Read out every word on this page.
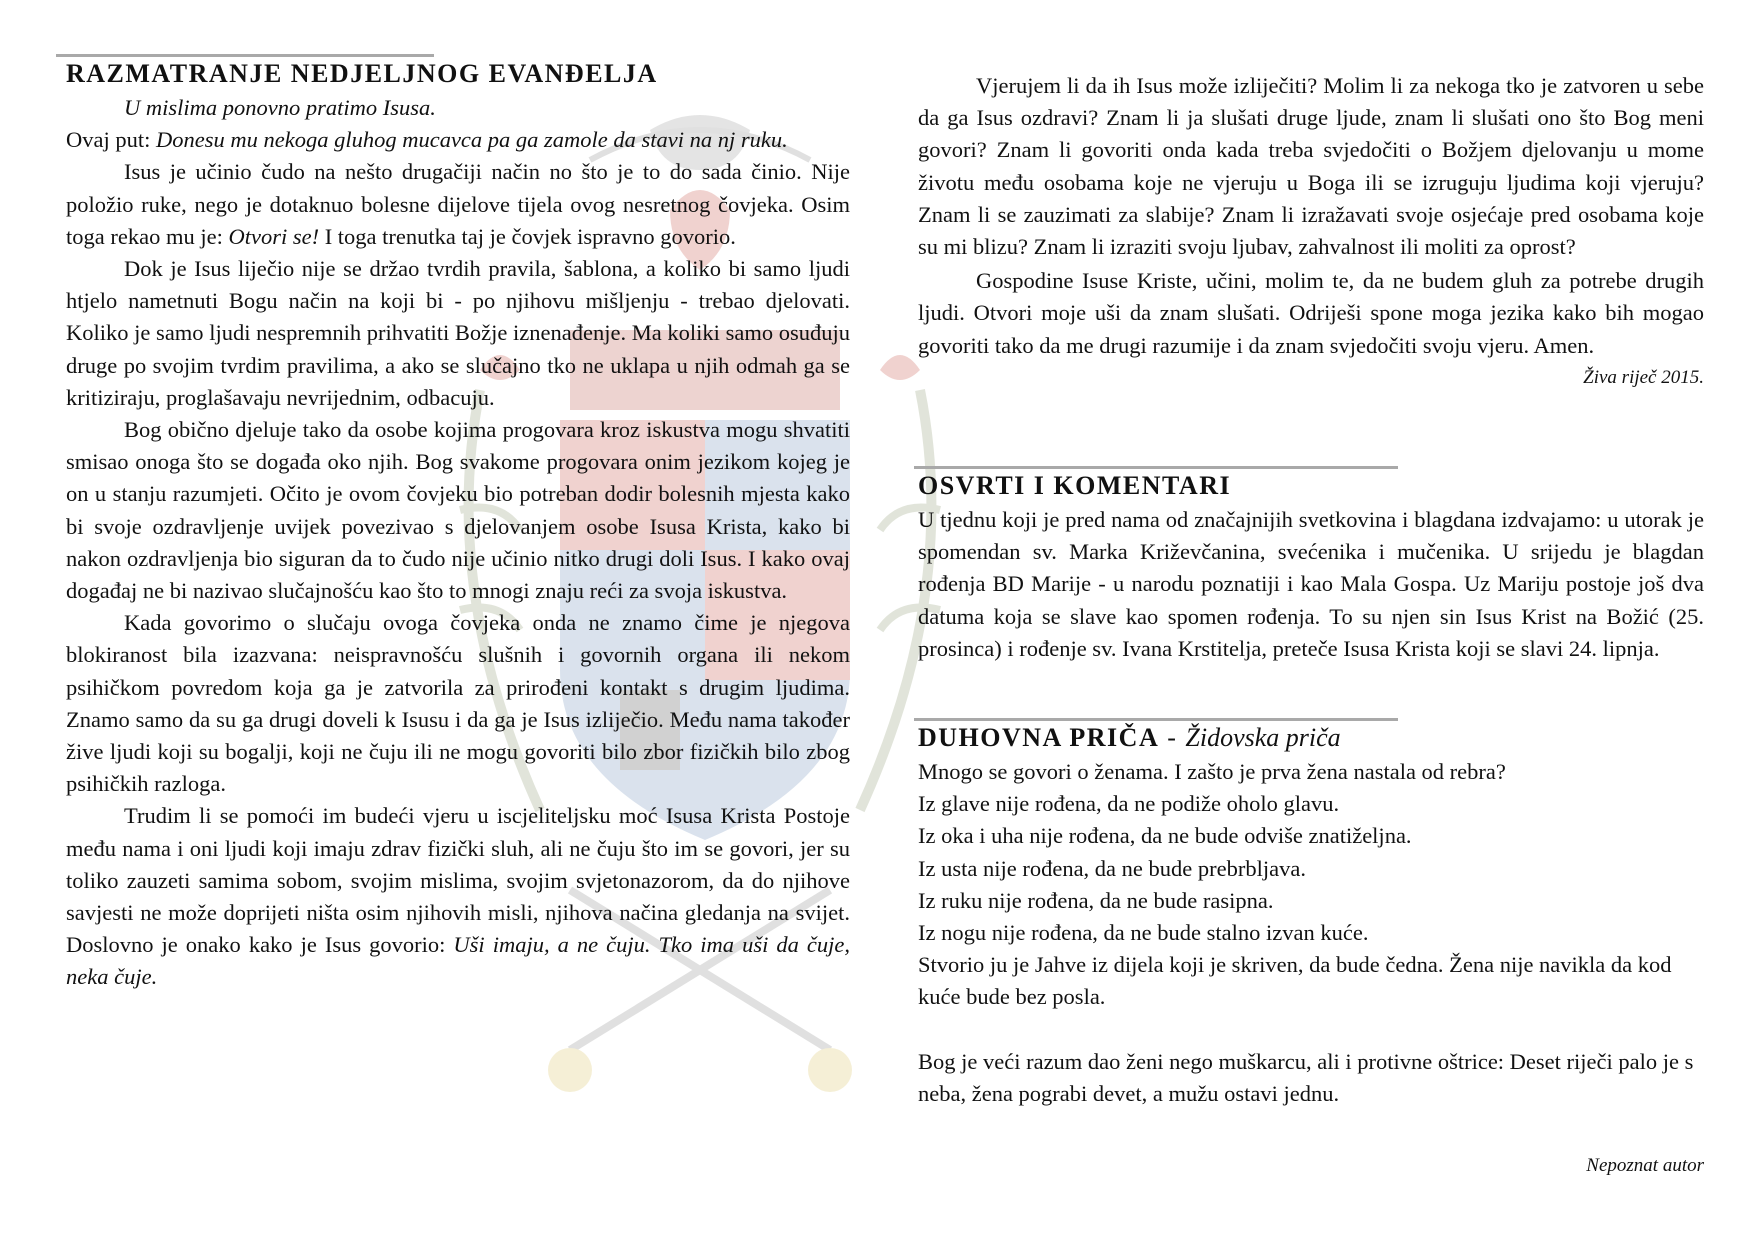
RAZMATRANJE NEDJELJNOG EVANĐELJA

U mislima ponovno pratimo Isusa.

Ovaj put: Donesu mu nekoga gluhog mucavca pa ga zamole da stavi na nj ruku.

Isus je učinio čudo na nešto drugačiji način no što je to do sada činio. Nije položio ruke, nego je dotaknuo bolesne dijelove tijela ovog nesretnog čovjeka. Osim toga rekao mu je: Otvori se! I toga trenutka taj je čovjek ispravno govorio.

Dok je Isus liječio nije se držao tvrdih pravila, šablona, a koliko bi samo ljudi htjelo nametnuti Bogu način na koji bi - po njihovu mišljenju - trebao djelovati. Koliko je samo ljudi nespremnih prihvatiti Božje iznenađenje. Ma koliki samo osuđuju druge po svojim tvrdim pravilima, a ako se slučajno tko ne uklapa u njih odmah ga se kritiziraju, proglašavaju nevrijednim, odbacuju.

Bog obično djeluje tako da osobe kojima progovara kroz iskustva mogu shvatiti smisao onoga što se događa oko njih. Bog svakome progovara onim jezikom kojeg je on u stanju razumjeti. Očito je ovom čovjeku bio potreban dodir bolesnih mjesta kako bi svoje ozdravljenje uvijek povezivao s djelovanjem osobe Isusa Krista, kako bi nakon ozdravljenja bio siguran da to čudo nije učinio nitko drugi doli Isus. I kako ovaj događaj ne bi nazivao slučajnošću kao što to mnogi znaju reći za svoja iskustva.

Kada govorimo o slučaju ovoga čovjeka onda ne znamo čime je njegova blokiranost bila izazvana: neispravnošću slušnih i govornih organa ili nekom psihičkom povredom koja ga je zatvorila za prirođeni kontakt s drugim ljudima. Znamo samo da su ga drugi doveli k Isusu i da ga je Isus izliječio. Među nama također žive ljudi koji su bogalji, koji ne čuju ili ne mogu govoriti bilo zbor fizičkih bilo zbog psihičkih razloga.

Trudim li se pomoći im budeći vjeru u iscjeliteljsku moć Isusa Krista Postoje među nama i oni ljudi koji imaju zdrav fizički sluh, ali ne čuju što im se govori, jer su toliko zauzeti samima sobom, svojim mislima, svojim svjetonazorom, da do njihove savjesti ne može doprijeti ništa osim njihovih misli, njihova načina gledanja na svijet. Doslovno je onako kako je Isus govorio: Uši imaju, a ne čuju. Tko ima uši da čuje, neka čuje.

Vjerujem li da ih Isus može izliječiti? Molim li za nekoga tko je zatvoren u sebe da ga Isus ozdravi? Znam li ja slušati druge ljude, znam li slušati ono što Bog meni govori? Znam li govoriti onda kada treba svjedočiti o Božjem djelovanju u mome životu među osobama koje ne vjeruju u Boga ili se izruguju ljudima koji vjeruju? Znam li se zauzimati za slabije? Znam li izražavati svoje osjećaje pred osobama koje su mi blizu? Znam li izraziti svoju ljubav, zahvalnost ili moliti za oprost?

Gospodine Isuse Kriste, učini, molim te, da ne budem gluh za potrebe drugih ljudi. Otvori moje uši da znam slušati. Odriješi spone moga jezika kako bih mogao govoriti tako da me drugi razumije i da znam svjedočiti svoju vjeru. Amen.

Živa riječ 2015.
OSVRTI I KOMENTARI

U tjednu koji je pred nama od značajnijih svetkovina i blagdana izdvajamo: u utorak je spomendan sv. Marka Križevčanina, svećenika i mučenika. U srijedu je blagdan rođenja BD Marije - u narodu poznatiji i kao Mala Gospa. Uz Mariju postoje još dva datuma koja se slave kao spomen rođenja. To su njen sin Isus Krist na Božić (25. prosinca) i rođenje sv. Ivana Krstitelja, preteče Isusa Krista koji se slavi 24. lipnja.

DUHOVNA PRIČA - Židovska priča

Mnogo se govori o ženama. I zašto je prva žena nastala od rebra?

Iz glave nije rođena, da ne podiže oholo glavu.

Iz oka i uha nije rođena, da ne bude odviše znatiželjna.

Iz usta nije rođena, da ne bude prebrbljava.

Iz ruku nije rođena, da ne bude rasipna.

Iz nogu nije rođena, da ne bude stalno izvan kuće.

Stvorio ju je Jahve iz dijela koji je skriven, da bude čedna. Žena nije navikla da kod kuće bude bez posla.

Bog je veći razum dao ženi nego muškarcu, ali i protivne oštrice: Deset riječi palo je s neba, žena pograbi devet, a mužu ostavi jednu.

Nepoznat autor
